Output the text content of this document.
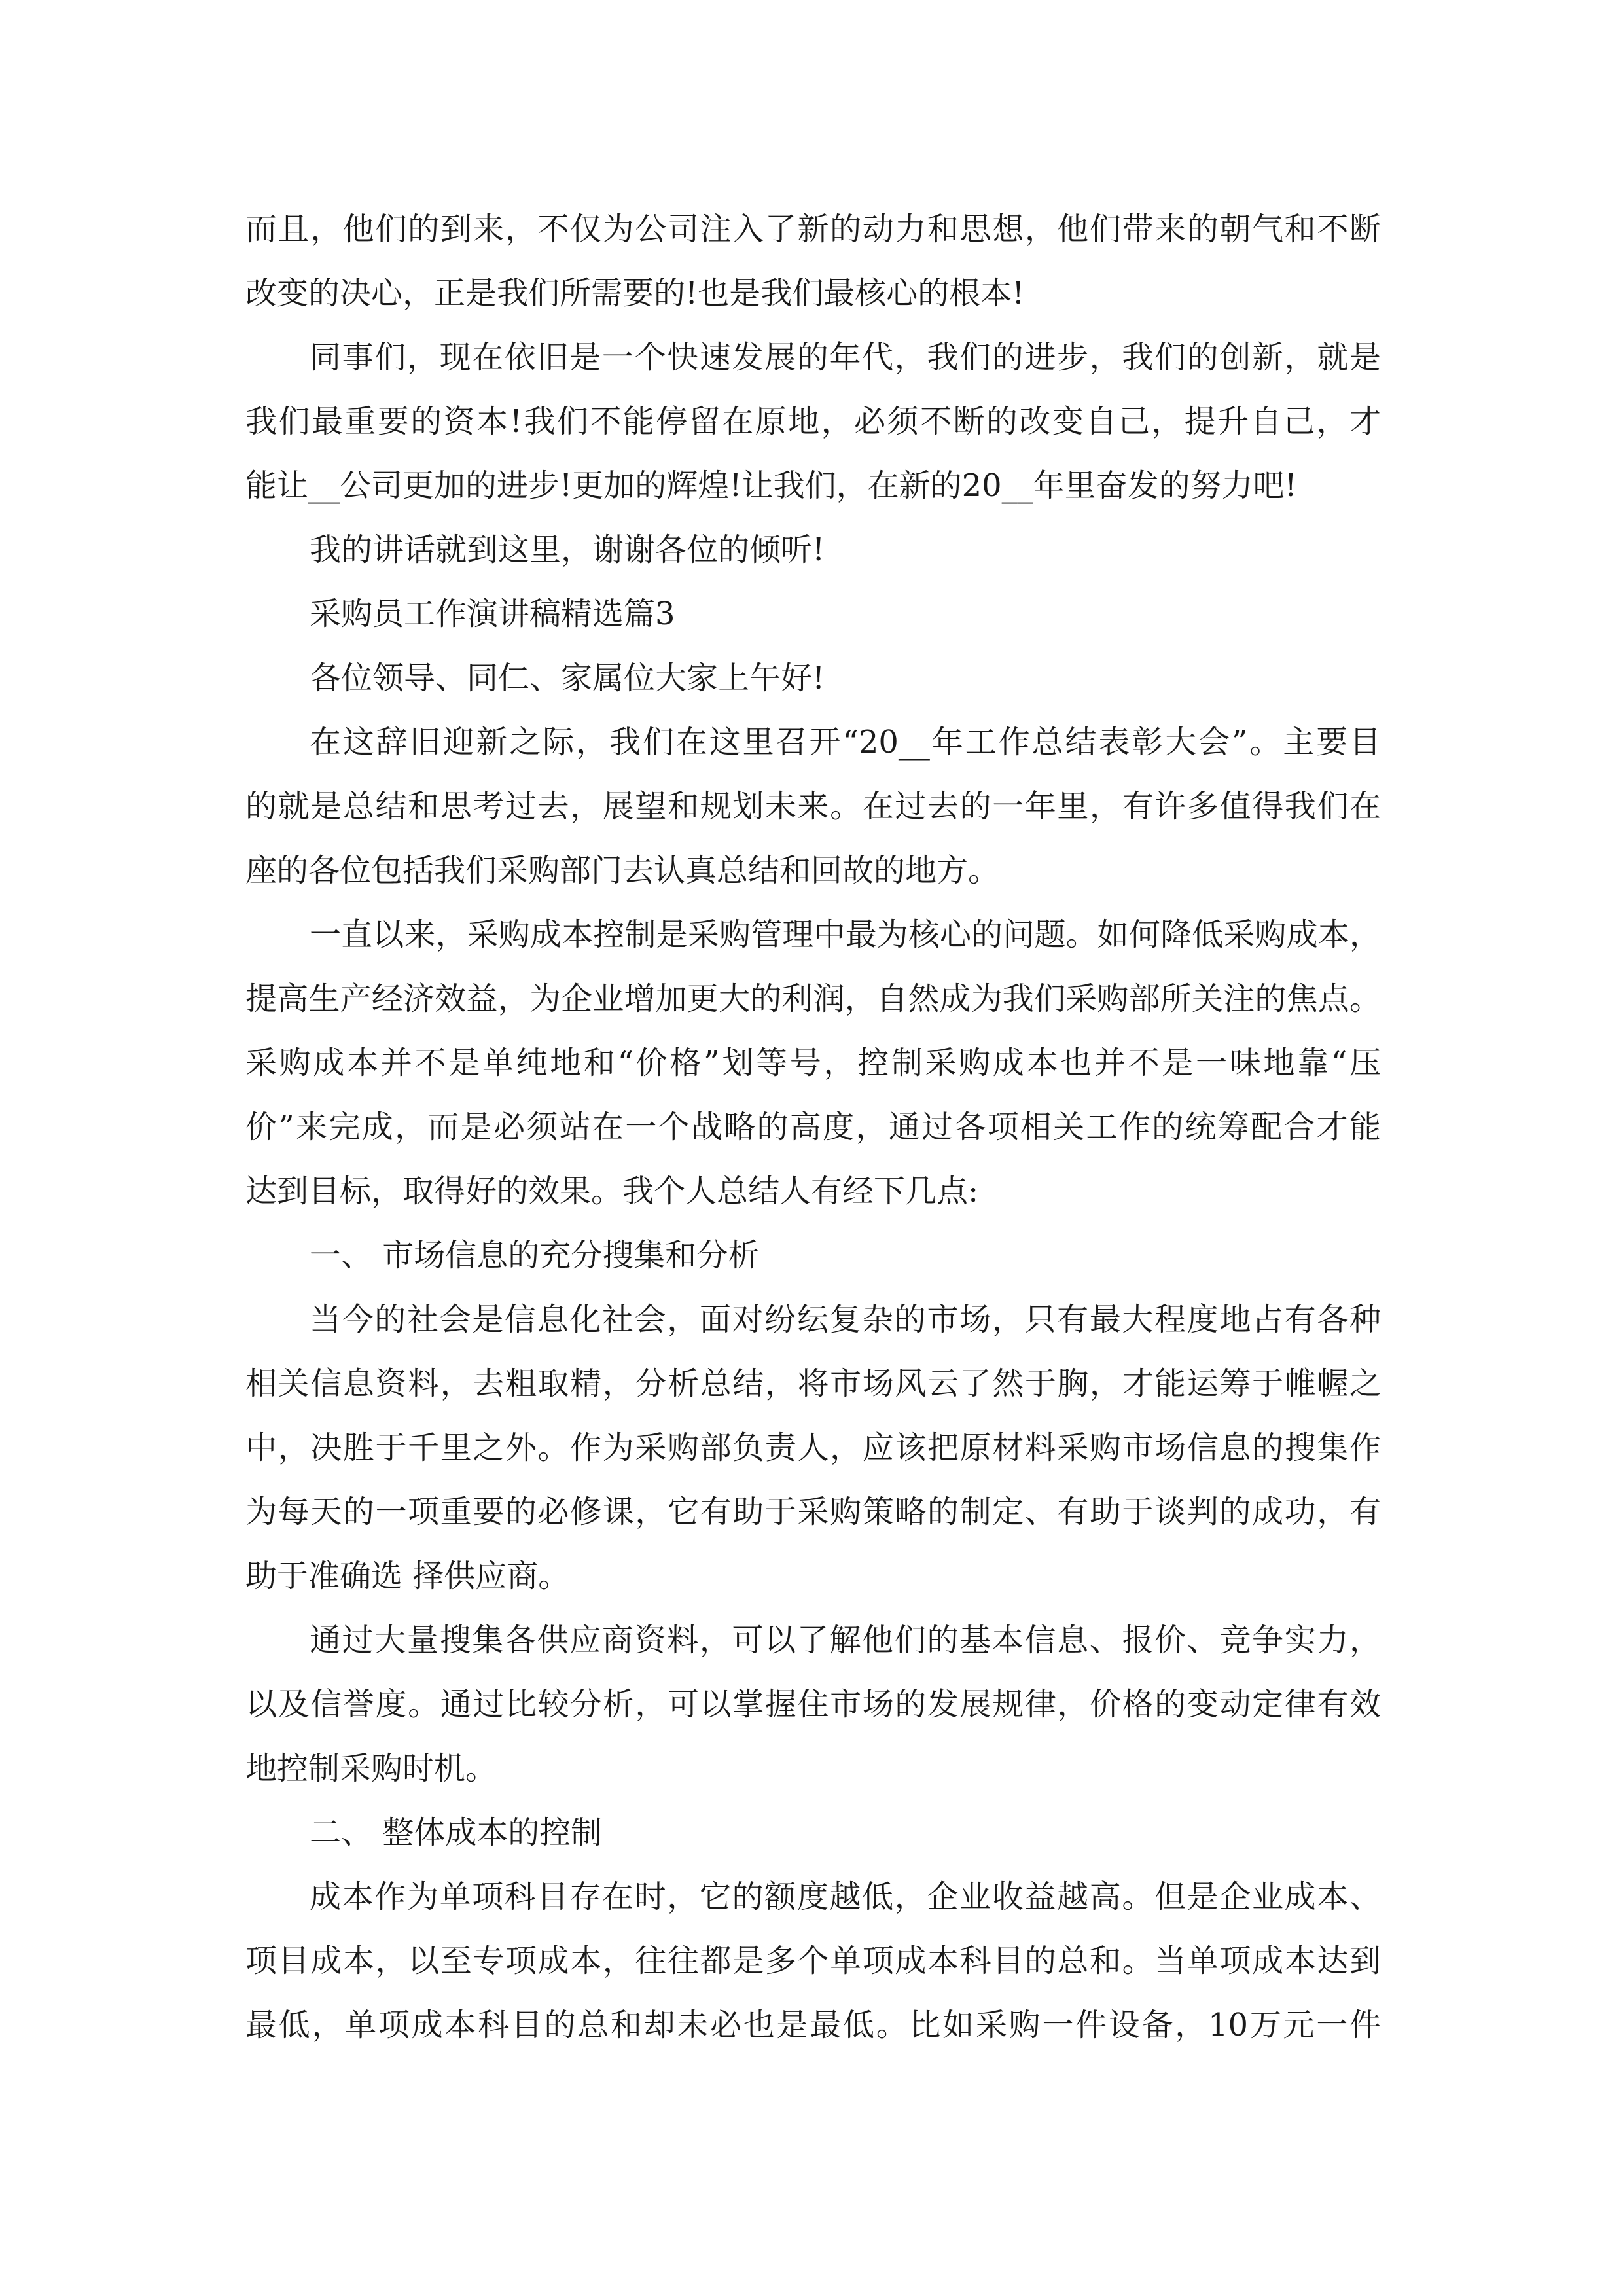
而且，他们的到来，不仅为公司注入了新的动力和思想，他们带来的朝气和不断
改变的决心，正是我们所需要的!也是我们最核心的根本!
同事们，现在依旧是一个快速发展的年代，我们的进步，我们的创新，就是
我们最重要的资本!我们不能停留在原地，必须不断的改变自己，提升自己，才
能让__公司更加的进步!更加的辉煌!让我们，在新的20__年里奋发的努力吧!
我的讲话就到这里，谢谢各位的倾听!
采购员工作演讲稿精选篇3
各位领导、同仁、家属位大家上午好!
在这辞旧迎新之际，我们在这里召开“20__年工作总结表彰大会”。主要目
的就是总结和思考过去，展望和规划未来。在过去的一年里，有许多值得我们在
座的各位包括我们采购部门去认真总结和回故的地方。
一直以来，采购成本控制是采购管理中最为核心的问题。如何降低采购成本，
提高生产经济效益，为企业增加更大的利润，自然成为我们采购部所关注的焦点。
采购成本并不是单纯地和“价格”划等号，控制采购成本也并不是一味地靠“压
价”来完成，而是必须站在一个战略的高度，通过各项相关工作的统筹配合才能
达到目标，取得好的效果。我个人总结人有经下几点:
一、 市场信息的充分搜集和分析
当今的社会是信息化社会，面对纷纭复杂的市场，只有最大程度地占有各种
相关信息资料，去粗取精，分析总结，将市场风云了然于胸，才能运筹于帷幄之
中，决胜于千里之外。作为采购部负责人，应该把原材料采购市场信息的搜集作
为每天的一项重要的必修课，它有助于采购策略的制定、有助于谈判的成功，有
助于准确选 择供应商。
通过大量搜集各供应商资料，可以了解他们的基本信息、报价、竞争实力，
以及信誉度。通过比较分析，可以掌握住市场的发展规律，价格的变动定律有效
地控制采购时机。
二、 整体成本的控制
成本作为单项科目存在时，它的额度越低，企业收益越高。但是企业成本、
项目成本，以至专项成本，往往都是多个单项成本科目的总和。当单项成本达到
最低，单项成本科目的总和却未必也是最低。比如采购一件设备，10万元一件
